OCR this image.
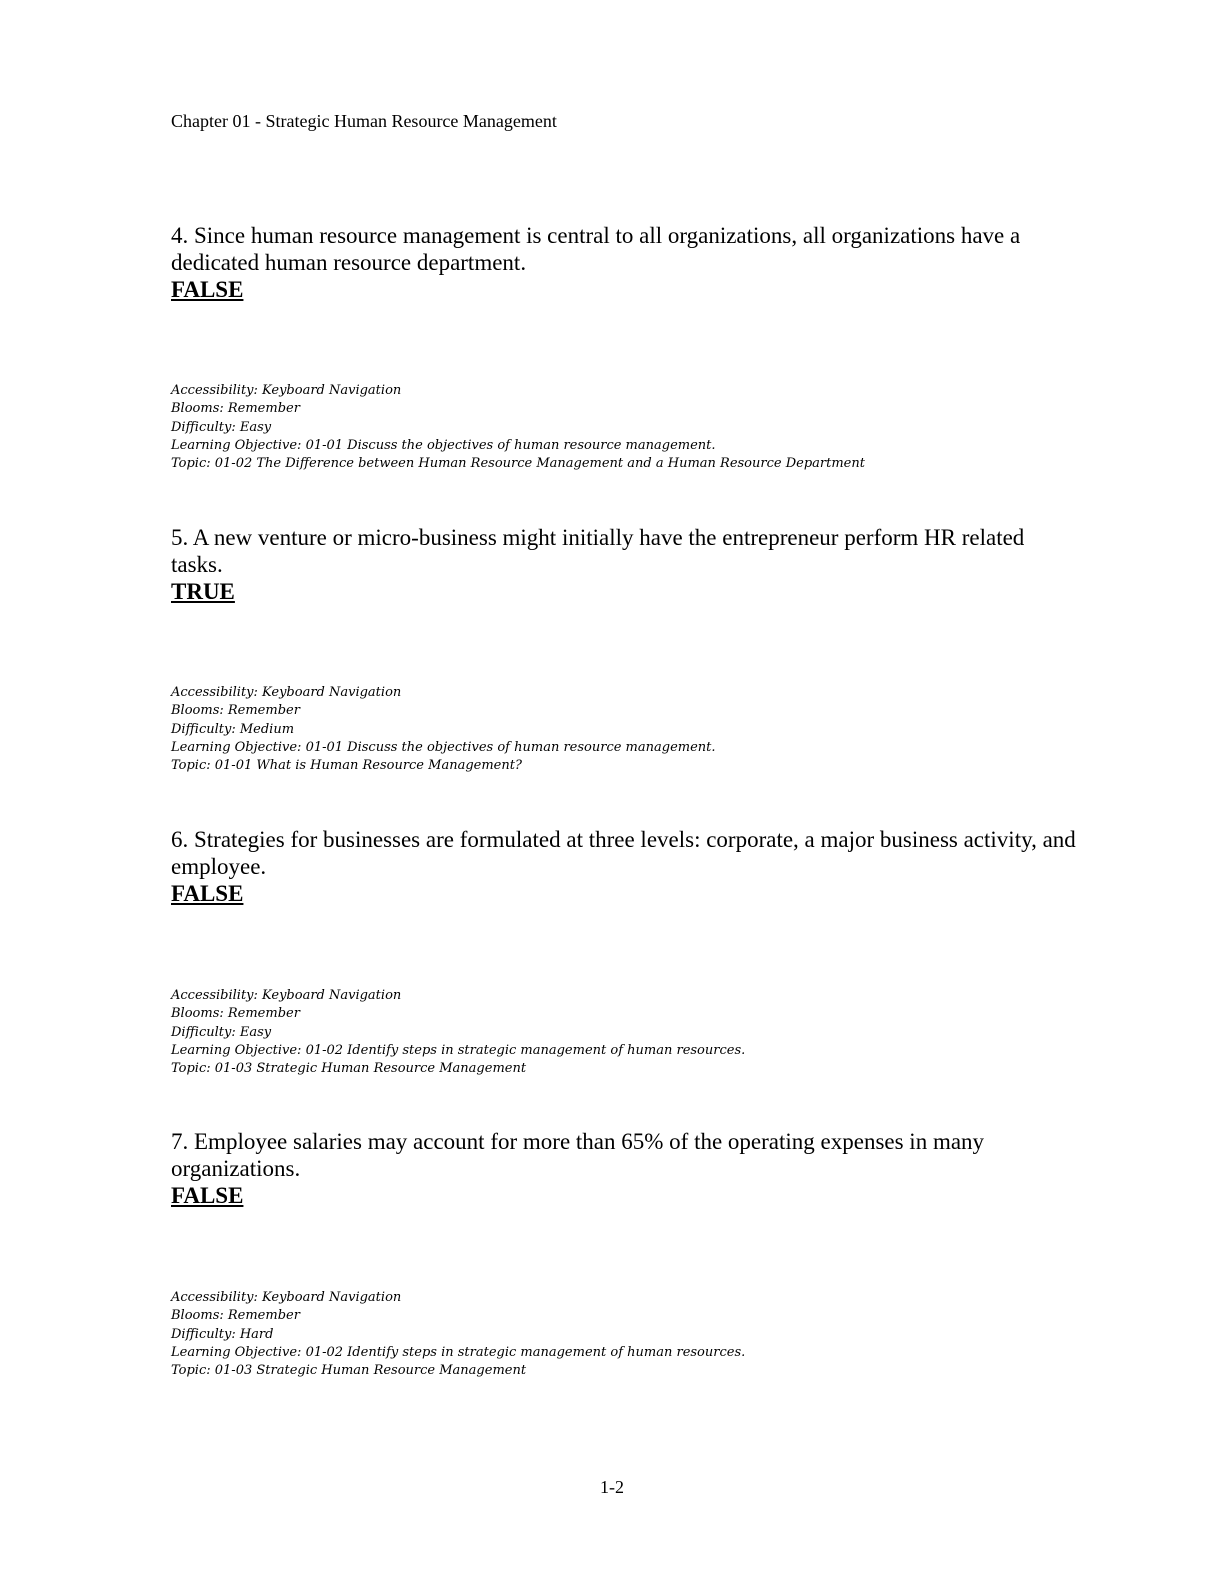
Chapter 01 - Strategic Human Resource Management

4. Since human resource management is central to all organizations, all organizations have a dedicated human resource department.

FALSE
Accessibility: Keyboard Navigation
Blooms: Remember
Difficulty: Easy
Learning Objective: 01-01 Discuss the objectives of human resource management.
Topic: 01-02 The Difference between Human Resource Management and a Human Resource Department

5. A new venture or micro-business might initially have the entrepreneur perform HR related tasks.

TRUE
Accessibility: Keyboard Navigation
Blooms: Remember
Difficulty: Medium
Learning Objective: 01-01 Discuss the objectives of human resource management.
Topic: 01-01 What is Human Resource Management?

6. Strategies for businesses are formulated at three levels: corporate, a major business activity, and employee.

FALSE
Accessibility: Keyboard Navigation
Blooms: Remember
Difficulty: Easy
Learning Objective: 01-02 Identify steps in strategic management of human resources.
Topic: 01-03 Strategic Human Resource Management

7. Employee salaries may account for more than 65% of the operating expenses in many organizations.

FALSE
Accessibility: Keyboard Navigation
Blooms: Remember
Difficulty: Hard
Learning Objective: 01-02 Identify steps in strategic management of human resources.
Topic: 01-03 Strategic Human Resource Management
1-2
